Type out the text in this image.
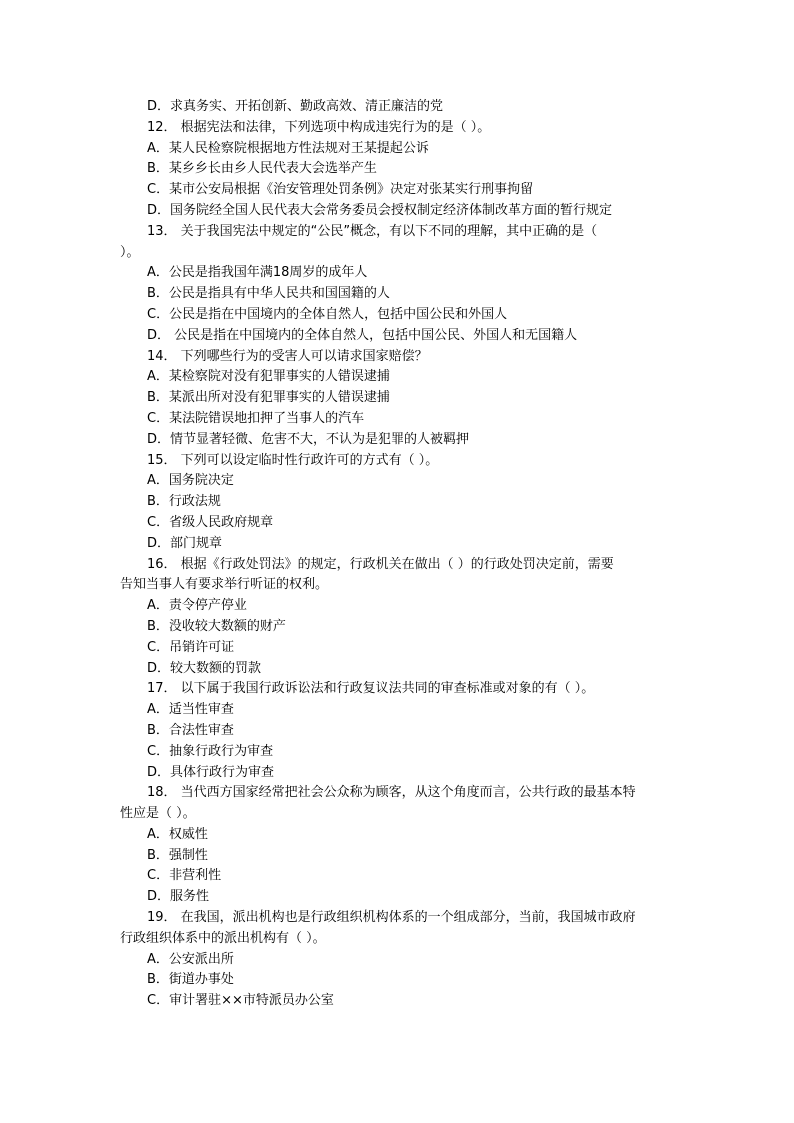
D．求真务实、开拓创新、勤政高效、清正廉洁的党
12． 根据宪法和法律，下列选项中构成违宪行为的是（ ）。
A．某人民检察院根据地方性法规对王某提起公诉
B．某乡乡长由乡人民代表大会选举产生
C．某市公安局根据《治安管理处罚条例》决定对张某实行刑事拘留
D．国务院经全国人民代表大会常务委员会授权制定经济体制改革方面的暂行规定
13． 关于我国宪法中规定的“公民”概念，有以下不同的理解，其中正确的是（
）。
A．公民是指我国年满18周岁的成年人
B．公民是指具有中华人民共和国国籍的人
C．公民是指在中国境内的全体自然人，包括中国公民和外国人
D． 公民是指在中国境内的全体自然人，包括中国公民、外国人和无国籍人
14． 下列哪些行为的受害人可以请求国家赔偿？
A．某检察院对没有犯罪事实的人错误逮捕
B．某派出所对没有犯罪事实的人错误逮捕
C．某法院错误地扣押了当事人的汽车
D．情节显著轻微、危害不大，不认为是犯罪的人被羁押
15． 下列可以设定临时性行政许可的方式有（ ）。
A．国务院决定
B．行政法规
C．省级人民政府规章
D．部门规章
16． 根据《行政处罚法》的规定，行政机关在做出（ ）的行政处罚决定前，需要
告知当事人有要求举行听证的权利。
A．责令停产停业
B．没收较大数额的财产
C．吊销许可证
D．较大数额的罚款
17． 以下属于我国行政诉讼法和行政复议法共同的审查标准或对象的有（ ）。
A．适当性审查
B．合法性审查
C．抽象行政行为审查
D．具体行政行为审查
18． 当代西方国家经常把社会公众称为顾客，从这个角度而言，公共行政的最基本特
性应是（ ）。
A．权威性
B．强制性
C．非营利性
D．服务性
19． 在我国，派出机构也是行政组织机构体系的一个组成部分，当前，我国城市政府
行政组织体系中的派出机构有（ ）。
A．公安派出所
B．街道办事处
C．审计署驻××市特派员办公室
